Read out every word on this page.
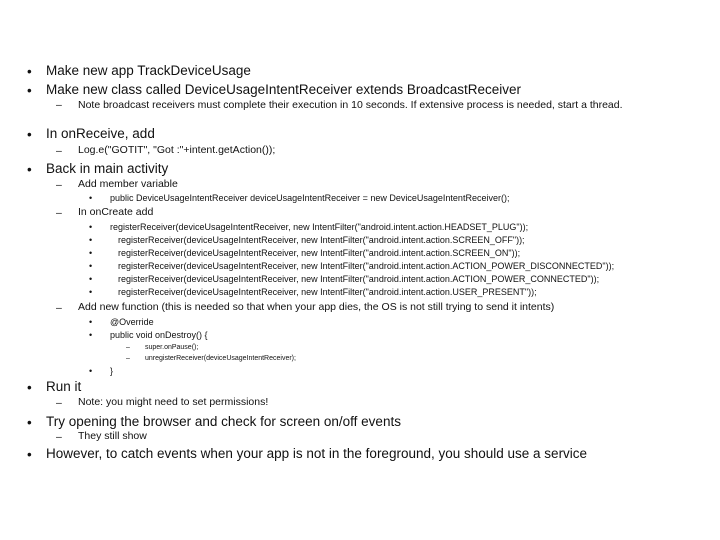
• Make new app TrackDeviceUsage
• Make new class called DeviceUsageIntentReceiver extends BroadcastReceiver
– Note broadcast receivers must complete their execution in 10 seconds. If extensive process is needed, start a thread.
• In onReceive, add
– Log.e("GOTIT", "Got :"+intent.getAction());
• Back in main activity
– Add member variable
• public DeviceUsageIntentReceiver deviceUsageIntentReceiver = new DeviceUsageIntentReceiver();
– In onCreate add
• registerReceiver(deviceUsageIntentReceiver, new IntentFilter("android.intent.action.HEADSET_PLUG"));
•	registerReceiver(deviceUsageIntentReceiver, new IntentFilter("android.intent.action.SCREEN_OFF"));
•	registerReceiver(deviceUsageIntentReceiver, new IntentFilter("android.intent.action.SCREEN_ON"));
•	registerReceiver(deviceUsageIntentReceiver, new IntentFilter("android.intent.action.ACTION_POWER_DISCONNECTED"));
•	registerReceiver(deviceUsageIntentReceiver, new IntentFilter("android.intent.action.ACTION_POWER_CONNECTED"));
•	registerReceiver(deviceUsageIntentReceiver, new IntentFilter("android.intent.action.USER_PRESENT"));
– Add new function (this is needed so that when your app dies, the OS is not still trying to send it intents)
• @Override
• public void onDestroy() {
– super.onPause();
– unregisterReceiver(deviceUsageIntentReceiver);
• }
• Run it
– Note: you might need to set permissions!
• Try opening the browser and check for screen on/off events
– They still show
• However, to catch events when your app is not in the foreground, you should use a service
